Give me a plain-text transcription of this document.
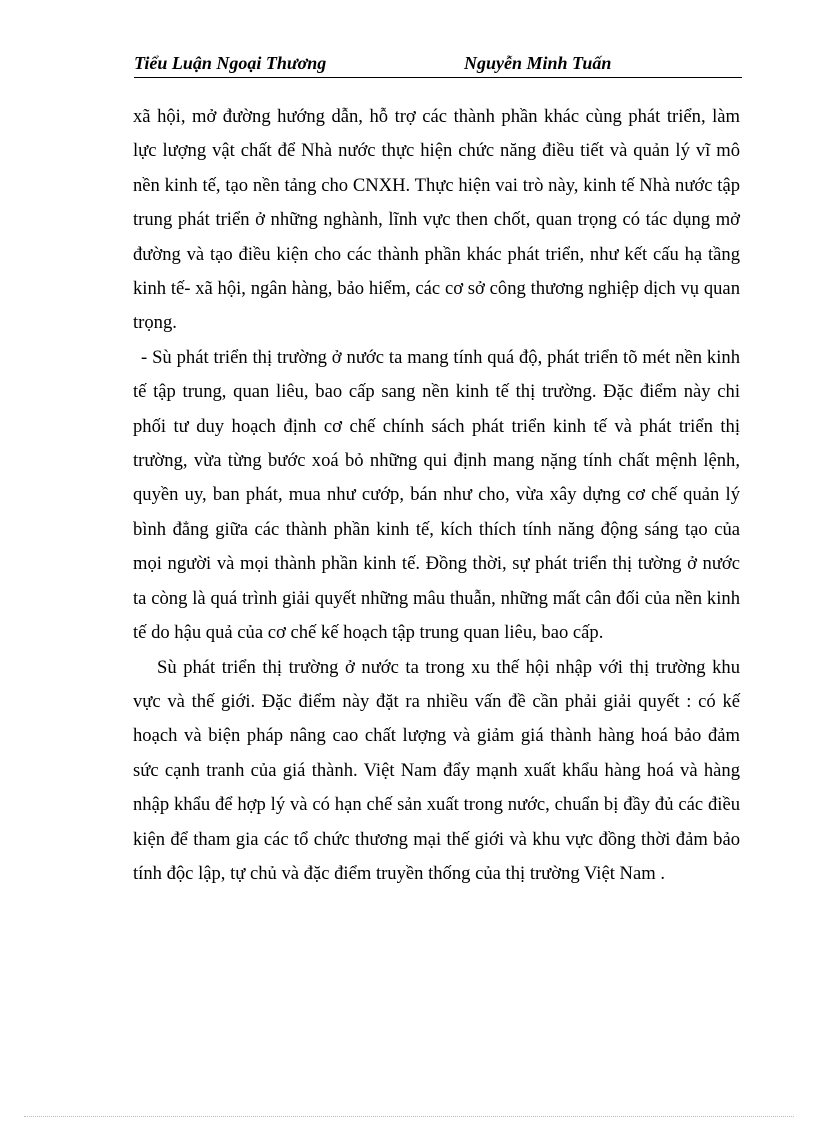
Tiểu Luận Ngoại Thương	Nguyễn Minh Tuấn

xã hội, mở đường hướng dẫn, hỗ trợ các thành phần khác cùng phát triển, làm lực lượng vật chất để Nhà nước thực hiện chức năng điều tiết và quản lý vĩ mô nền kinh tế, tạo nền tảng cho CNXH. Thực hiện vai trò này, kinh tế Nhà nước tập trung phát triển ở những nghành, lĩnh vực then chốt, quan trọng có tác dụng mở đường và tạo điều kiện cho các thành phần khác phát triển, như kết cấu hạ tầng kinh tế- xã hội, ngân hàng, bảo hiểm, các cơ sở công thương nghiệp dịch vụ quan trọng.

- Sù phát triển thị trường ở nước ta mang tính quá độ, phát triển tõ mét nền kinh tế tập trung, quan liêu, bao cấp sang nền kinh tế thị trường. Đặc điểm này chi phối tư duy hoạch định cơ chế chính sách phát triển kinh tế và phát triển thị trường, vừa từng bước xoá bỏ những qui định mang nặng tính chất mệnh lệnh, quyền uy, ban phát, mua như cướp, bán như cho, vừa xây dựng cơ chế quản lý bình đẳng giữa các thành phần kinh tế, kích thích tính năng động sáng tạo của mọi người và mọi thành phần kinh tế. Đồng thời, sự phát triển thị tường ở nước ta còng là quá trình giải quyết những mâu thuẫn, những mất cân đối của nền kinh tế do hậu quả của cơ chế kế hoạch tập trung quan liêu, bao cấp.

Sù phát triển thị trường ở nước ta trong xu thế hội nhập với thị trường khu vực và thế giới. Đặc điểm này đặt ra nhiều vấn đề cần phải giải quyết : có kế hoạch và biện pháp nâng cao chất lượng và giảm giá thành hàng hoá bảo đảm sức cạnh tranh của giá thành. Việt Nam đẩy mạnh xuất khẩu hàng hoá và hàng nhập khẩu để hợp lý và có hạn chế sản xuất trong nước, chuẩn bị đầy đủ các điều kiện để tham gia các tổ chức thương mại thế giới và khu vực đồng thời đảm bảo tính độc lập, tự chủ và đặc điểm truyền thống của thị trường Việt Nam .
